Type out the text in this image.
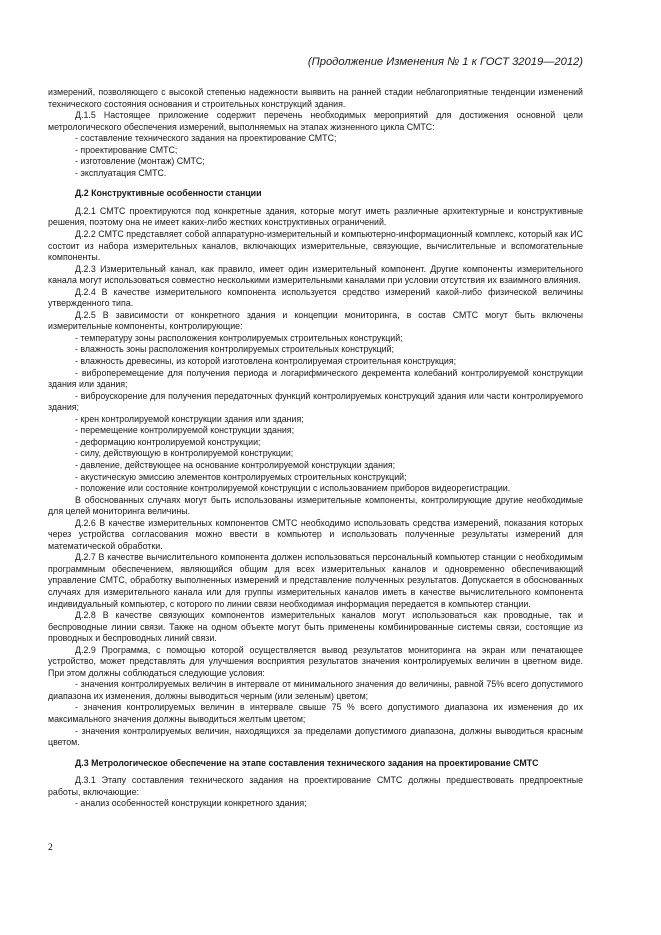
(Продолжение Изменения № 1 к ГОСТ 32019—2012)

измерений, позволяющего с высокой степенью надежности выявить на ранней стадии неблагоприятные тенденции изменений технического состояния основания и строительных конструкций здания.

Д.1.5 Настоящее приложение содержит перечень необходимых мероприятий для достижения основной цели метрологического обеспечения измерений, выполняемых на этапах жизненного цикла СМТС:

- составление технического задания на проектирование СМТС;
- проектирование СМТС;
- изготовление (монтаж) СМТС;
- эксплуатация СМТС.
Д.2 Конструктивные особенности станции

Д.2.1 СМТС проектируются под конкретные здания, которые могут иметь различные архитектурные и конструктивные решения, поэтому она не имеет каких-либо жестких конструктивных ограничений.

Д.2.2 СМТС представляет собой аппаратурно-измерительный и компьютерно-информационный комплекс, который как ИС состоит из набора измерительных каналов, включающих измерительные, связующие, вычислительные и вспомогательные компоненты.

Д.2.3 Измерительный канал, как правило, имеет один измерительный компонент. Другие компоненты измерительного канала могут использоваться совместно несколькими измерительными каналами при условии отсутствия их взаимного влияния.

Д.2.4 В качестве измерительного компонента используется средство измерений какой-либо физической величины утвержденного типа.

Д.2.5 В зависимости от конкретного здания и концепции мониторинга, в состав СМТС могут быть включены измерительные компоненты, контролирующие:

- температуру зоны расположения контролируемых строительных конструкций;
- влажность зоны расположения контролируемых строительных конструкций;
- влажность древесины, из которой изготовлена контролируемая строительная конструкция;

- виброперемещение для получения периода и логарифмического декремента колебаний контролируемой конструкции здания или здания;

- виброускорение для получения передаточных функций контролируемых конструкций здания или части контролируемого здания;

- крен контролируемой конструкции здания или здания;
- перемещение контролируемой конструкции здания;
- деформацию контролируемой конструкции;
- силу, действующую в контролируемой конструкции;
- давление, действующее на основание контролируемой конструкции здания;
- акустическую эмиссию элементов контролируемых строительных конструкций;
- положение или состояние контролируемой конструкции с использованием приборов видеорегистрации.

В обоснованных случаях могут быть использованы измерительные компоненты, контролирующие другие необходимые для целей мониторинга величины.

Д.2.6 В качестве измерительных компонентов СМТС необходимо использовать средства измерений, показания которых через устройства согласования можно ввести в компьютер и использовать полученные результаты измерений для математической обработки.

Д.2.7 В качестве вычислительного компонента должен использоваться персональный компьютер станции с необходимым программным обеспечением, являющийся общим для всех измерительных каналов и одновременно обеспечивающий управление СМТС, обработку выполненных измерений и представление полученных результатов. Допускается в обоснованных случаях для измерительного канала или для группы измерительных каналов иметь в качестве вычислительного компонента индивидуальный компьютер, с которого по линии связи необходимая информация передается в компьютер станции.

Д.2.8 В качестве связующих компонентов измерительных каналов могут использоваться как проводные, так и беспроводные линии связи. Также на одном объекте могут быть применены комбинированные системы связи, состоящие из проводных и беспроводных линий связи.

Д.2.9 Программа, с помощью которой осуществляется вывод результатов мониторинга на экран или печатающее устройство, может представлять для улучшения восприятия результатов значения контролируемых величин в цветном виде. При этом должны соблюдаться следующие условия:

- значения контролируемых величин в интервале от минимального значения до величины, равной 75% всего допустимого диапазона их изменения, должны выводиться черным (или зеленым) цветом;

- значения контролируемых величин в интервале свыше 75 % всего допустимого диапазона их изменения до их максимального значения должны выводиться желтым цветом;

- значения контролируемых величин, находящихся за пределами допустимого диапазона, должны выводиться красным цветом.

Д.3 Метрологическое обеспечение на этапе составления технического задания на проектирование СМТС

Д.3.1 Этапу составления технического задания на проектирование СМТС должны предшествовать предпроектные работы, включающие:

- анализ особенностей конструкции конкретного здания;
2
